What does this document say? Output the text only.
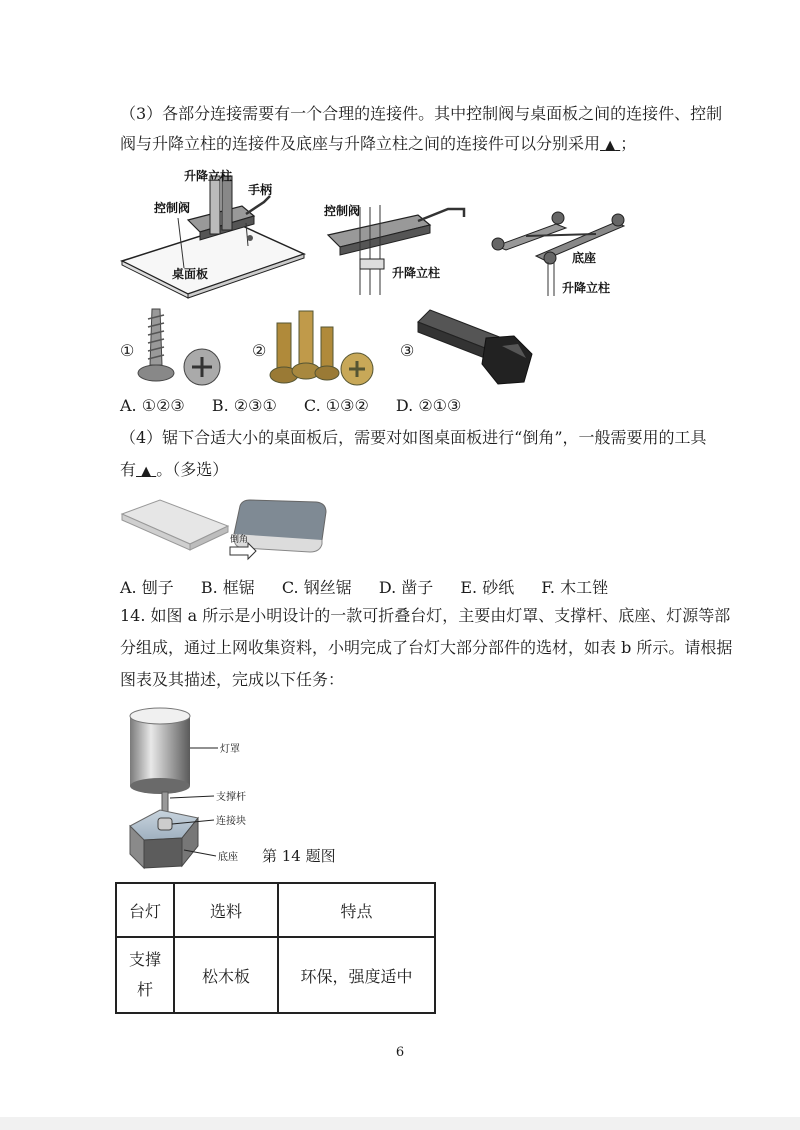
（3）各部分连接需要有一个合理的连接件。其中控制阀与桌面板之间的连接件、控制
阀与升降立柱的连接件及底座与升降立柱之间的连接件可以分别采用 ▲ ；
升降立柱
手柄
控制阀
桌面板
控制阀
升降立柱
底座
升降立柱
①	②	③
A. ①②③ B. ②③① C. ①③② D. ②①③
（4）锯下合适大小的桌面板后，需要对如图桌面板进行“倒角”，一般需要用的工具
有 ▲ 。（多选）
倒角
A. 刨子 B. 框锯 C. 钢丝锯 D. 凿子 E. 砂纸 F. 木工锉
14. 如图 a 所示是小明设计的一款可折叠台灯，主要由灯罩、支撑杆、底座、灯源等部
分组成，通过上网收集资料，小明完成了台灯大部分部件的选材，如表 b 所示。请根据
图表及其描述，完成以下任务：
灯罩
支撑杆
连接块
底座 第 14 题图
台灯	选料	特点
支撑
杆	松木板	环保，强度适中
6
